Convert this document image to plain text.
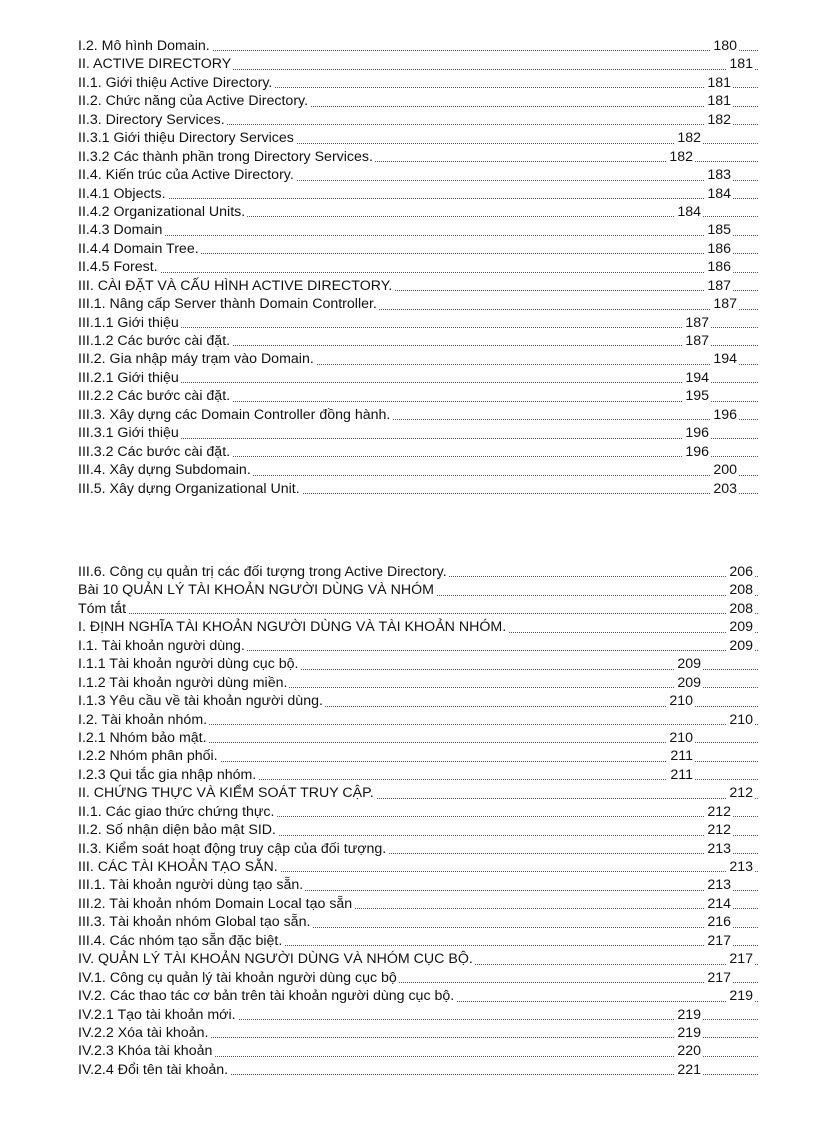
I.2. Mô hình Domain.	180
II. ACTIVE DIRECTORY	181
II.1. Giới thiệu Active Directory.	181
II.2. Chức năng của Active Directory.	181
II.3. Directory Services.	182
II.3.1 Giới thiệu Directory Services	182
II.3.2 Các thành phần trong Directory Services.	182
II.4. Kiến trúc của Active Directory.	183
II.4.1 Objects.	184
II.4.2 Organizational Units.	184
II.4.3 Domain	185
II.4.4 Domain Tree.	186
II.4.5 Forest.	186
III. CÀI ĐẶT VÀ CẤU HÌNH ACTIVE DIRECTORY.	187
III.1. Nâng cấp Server thành Domain Controller.	187
III.1.1 Giới thiệu	187
III.1.2 Các bước cài đặt.	187
III.2. Gia nhập máy trạm vào Domain.	194
III.2.1 Giới thiệu	194
III.2.2 Các bước cài đặt.	195
III.3. Xây dựng các Domain Controller đồng hành.	196
III.3.1 Giới thiệu	196
III.3.2 Các bước cài đặt.	196
III.4. Xây dựng Subdomain.	200
III.5. Xây dựng Organizational Unit.	203
III.6. Công cụ quản trị các đối tượng trong Active Directory.	206
Bài 10 QUẢN LÝ TÀI KHOẢN NGƯỜI DÙNG VÀ NHÓM	208
Tóm tắt	208
I. ĐỊNH NGHĨA TÀI KHOẢN NGƯỜI DÙNG VÀ TÀI KHOẢN NHÓM.	209
I.1. Tài khoản người dùng.	209
I.1.1 Tài khoản người dùng cục bộ.	209
I.1.2 Tài khoản người dùng miền.	209
I.1.3 Yêu cầu về tài khoản người dùng.	210
I.2. Tài khoản nhóm.	210
I.2.1 Nhóm bảo mật.	210
I.2.2 Nhóm phân phối.	211
I.2.3 Qui tắc gia nhập nhóm.	211
II. CHỨNG THỰC VÀ KIỂM SOÁT TRUY CẬP.	212
II.1. Các giao thức chứng thực.	212
II.2. Số nhận diện bảo mật SID.	212
II.3. Kiểm soát hoạt động truy cập của đối tượng.	213
III. CÁC TÀI KHOẢN TẠO SẴN.	213
III.1. Tài khoản người dùng tạo sẵn.	213
III.2. Tài khoản nhóm Domain Local tạo sẵn	214
III.3. Tài khoản nhóm Global tạo sẵn.	216
III.4. Các nhóm tạo sẵn đặc biệt.	217
IV. QUẢN LÝ TÀI KHOẢN NGƯỜI DÙNG VÀ NHÓM CỤC BỘ.	217
IV.1. Công cụ quản lý tài khoản người dùng cục bộ	217
IV.2. Các thao tác cơ bản trên tài khoản người dùng cục bộ.	219
IV.2.1 Tạo tài khoản mới.	219
IV.2.2 Xóa tài khoản.	219
IV.2.3 Khóa tài khoản	220
IV.2.4 Đổi tên tài khoản.	221
